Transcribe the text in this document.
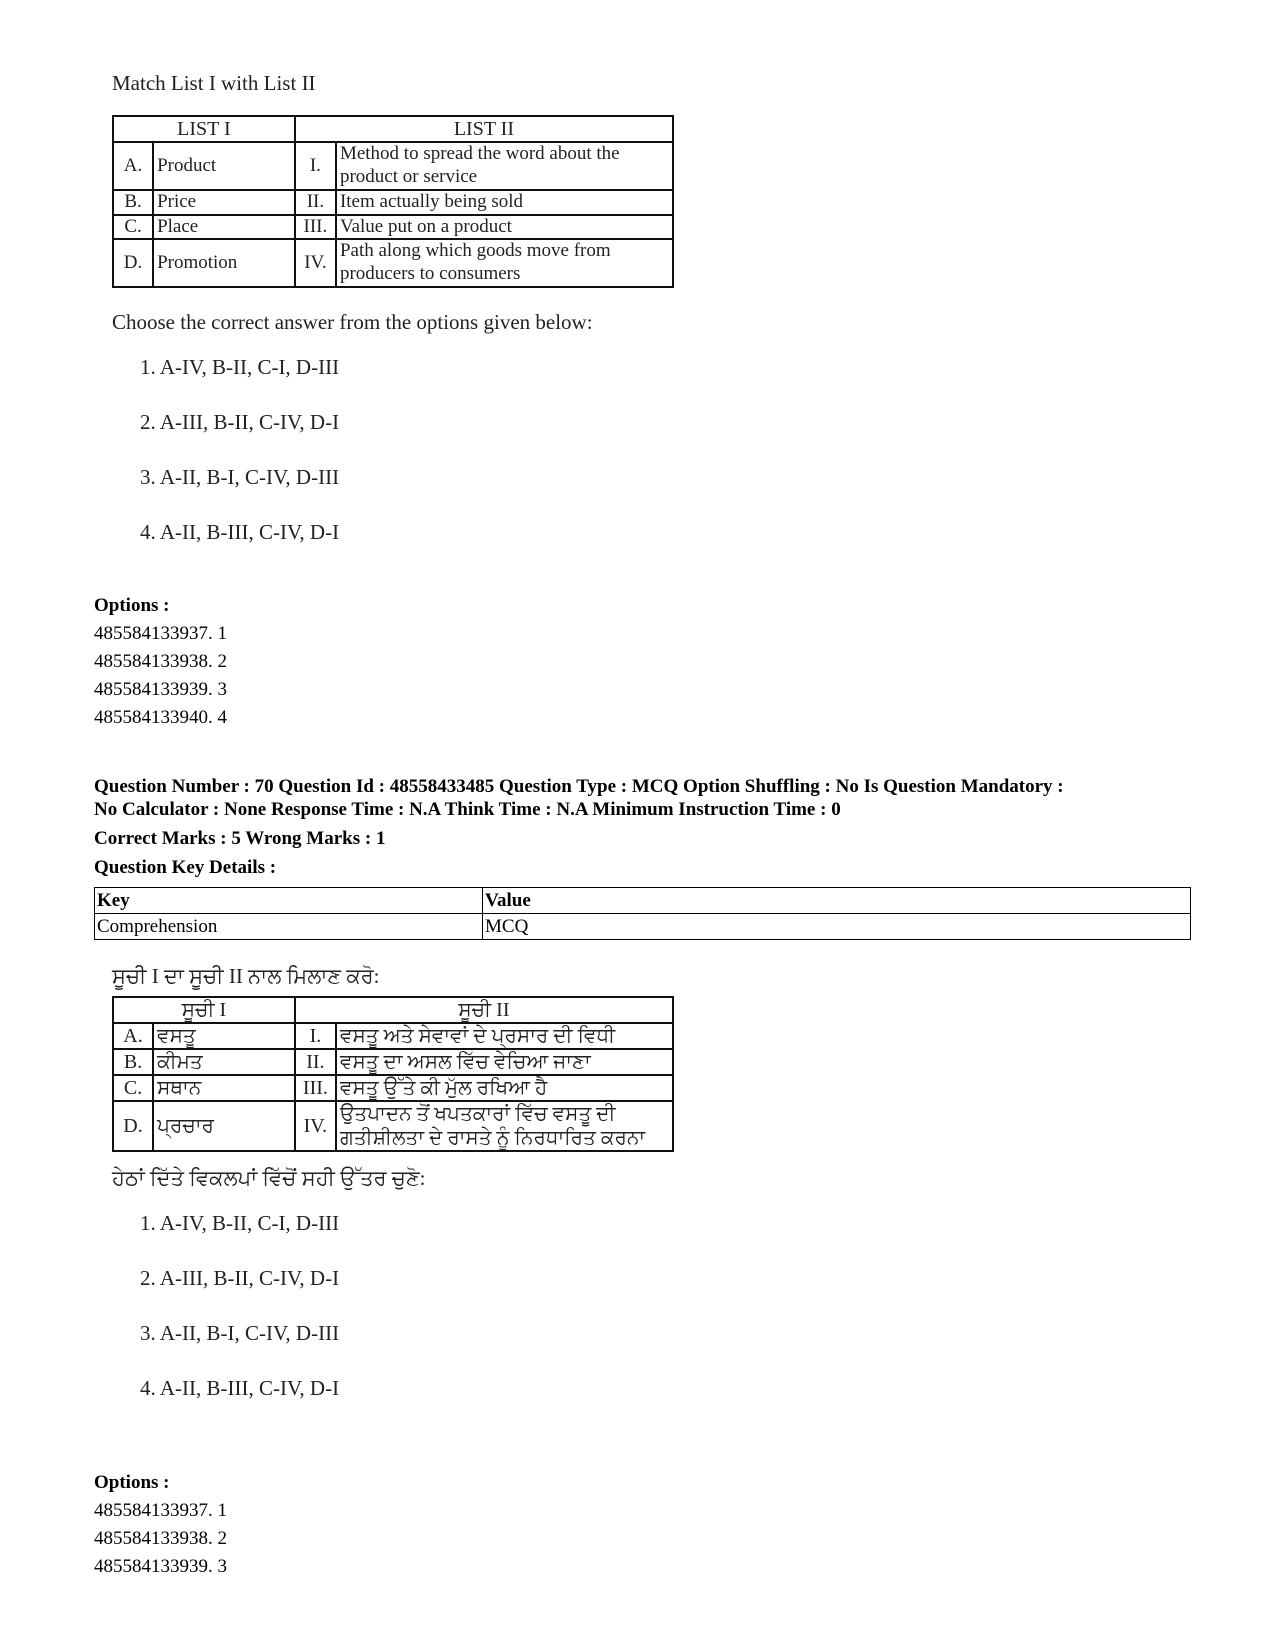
Match List I with List II
LIST I		LIST II	
A.	Product	I.	Method to spread the word about the product or service
B.	Price	II.	Item actually being sold
C.	Place	III.	Value put on a product
D.	Promotion	IV.	Path along which goods move from producers to consumers
Choose the correct answer from the options given below:
1. A-IV, B-II, C-I, D-III
2. A-III, B-II, C-IV, D-I
3. A-II, B-I, C-IV, D-III
4. A-II, B-III, C-IV, D-I
Options :
485584133937. 1
485584133938. 2
485584133939. 3
485584133940. 4
Question Number : 70 Question Id : 48558433485 Question Type : MCQ Option Shuffling : No Is Question Mandatory :
No Calculator : None Response Time : N.A Think Time : N.A Minimum Instruction Time : 0
Correct Marks : 5 Wrong Marks : 1
Question Key Details :
Key	Value
Comprehension	MCQ
ਸੂਚੀ I ਦਾ ਸੂਚੀ II ਨਾਲ ਮਿਲਾਣ ਕਰੋ:
ਸੂਚੀ I		ਸੂਚੀ II	
A.	ਵਸਤੂ	I.	ਵਸਤੂ ਅਤੇ ਸੇਵਾਵਾਂ ਦੇ ਪ੍ਰਸਾਰ ਦੀ ਵਿਧੀ
B.	ਕੀਮਤ	II.	ਵਸਤੂ ਦਾ ਅਸਲ ਵਿੱਚ ਵੇਚਿਆ ਜਾਣਾ
C.	ਸਥਾਨ	III.	ਵਸਤੂ ਉੱਤੇ ਕੀ ਮੁੱਲ ਰਖਿਆ ਹੈ
D.	ਪ੍ਰਚਾਰ	IV.	ਉਤਪਾਦਨ ਤੋਂ ਖਪਤਕਾਰਾਂ ਵਿੱਚ ਵਸਤੂ ਦੀ ਗਤੀਸ਼ੀਲਤਾ ਦੇ ਰਾਸਤੇ ਨੂੰ ਨਿਰਧਾਰਿਤ ਕਰਨਾ
ਹੇਠਾਂ ਦਿੱਤੇ ਵਿਕਲਪਾਂ ਵਿੱਚੋਂ ਸਹੀ ਉੱਤਰ ਚੁਣੋ:
1. A-IV, B-II, C-I, D-III
2. A-III, B-II, C-IV, D-I
3. A-II, B-I, C-IV, D-III
4. A-II, B-III, C-IV, D-I
Options :
485584133937. 1
485584133938. 2
485584133939. 3
